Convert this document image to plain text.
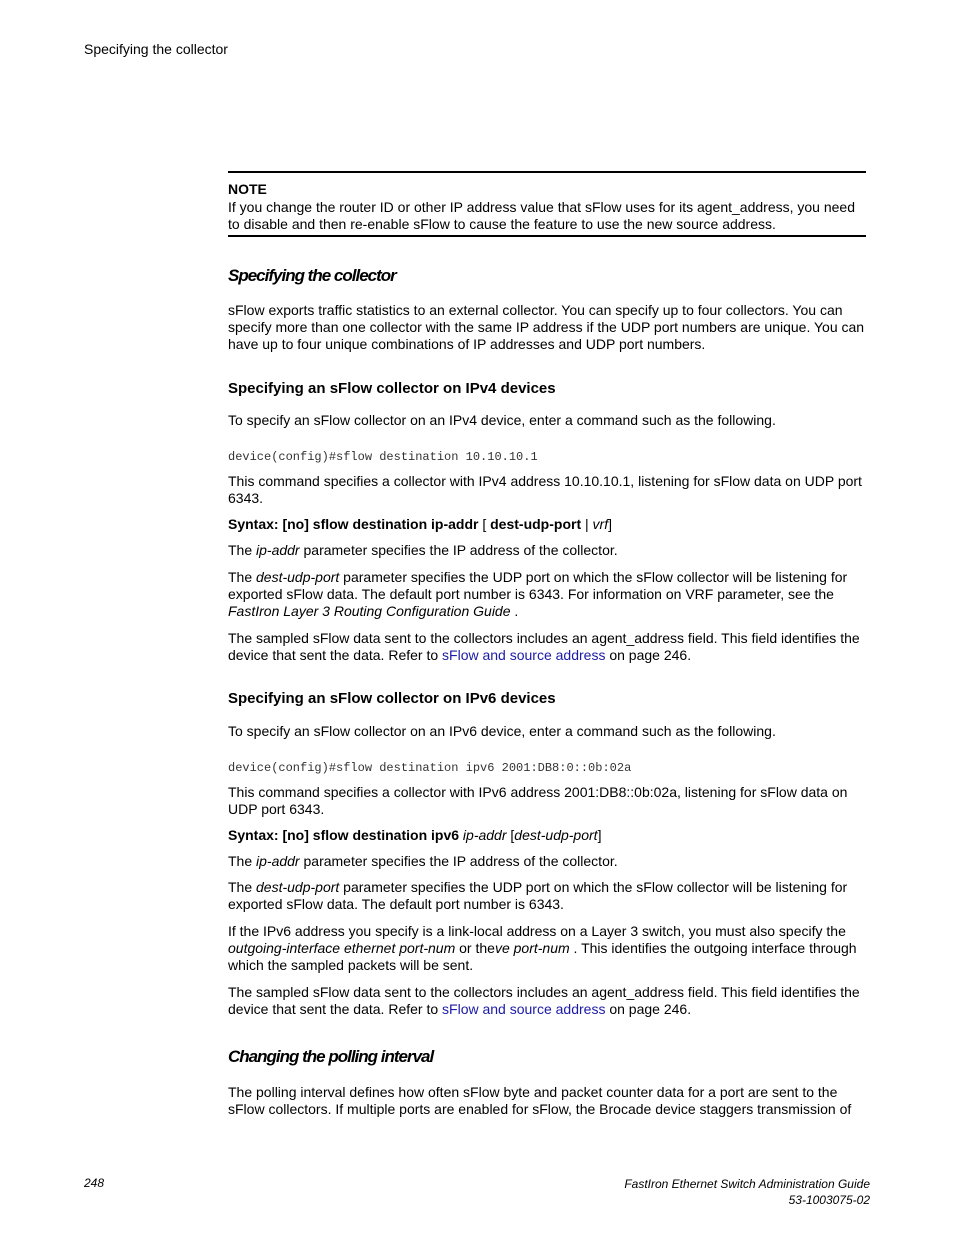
Specifying the collector
NOTE

If you change the router ID or other IP address value that sFlow uses for its agent_address, you need to disable and then re-enable sFlow to cause the feature to use the new source address.

Specifying the collector

sFlow exports traffic statistics to an external collector. You can specify up to four collectors. You can specify more than one collector with the same IP address if the UDP port numbers are unique. You can have up to four unique combinations of IP addresses and UDP port numbers.

Specifying an sFlow collector on IPv4 devices

To specify an sFlow collector on an IPv4 device, enter a command such as the following.

device(config)#sflow destination 10.10.10.1

This command specifies a collector with IPv4 address 10.10.10.1, listening for sFlow data on UDP port 6343.

Syntax: [no] sflow destination ip-addr [ dest-udp-port | vrf]

The ip-addr parameter specifies the IP address of the collector.

The dest-udp-port parameter specifies the UDP port on which the sFlow collector will be listening for exported sFlow data. The default port number is 6343. For information on VRF parameter, see the FastIron Layer 3 Routing Configuration Guide .

The sampled sFlow data sent to the collectors includes an agent_address field. This field identifies the device that sent the data. Refer to sFlow and source address on page 246.

Specifying an sFlow collector on IPv6 devices

To specify an sFlow collector on an IPv6 device, enter a command such as the following.

device(config)#sflow destination ipv6 2001:DB8:0::0b:02a

This command specifies a collector with IPv6 address 2001:DB8::0b:02a, listening for sFlow data on UDP port 6343.

Syntax: [no] sflow destination ipv6 ip-addr [dest-udp-port]

The ip-addr parameter specifies the IP address of the collector.

The dest-udp-port parameter specifies the UDP port on which the sFlow collector will be listening for exported sFlow data. The default port number is 6343.

If the IPv6 address you specify is a link-local address on a Layer 3 switch, you must also specify the outgoing-interface ethernet port-num or theve port-num . This identifies the outgoing interface through which the sampled packets will be sent.

The sampled sFlow data sent to the collectors includes an agent_address field. This field identifies the device that sent the data. Refer to sFlow and source address on page 246.

Changing the polling interval

The polling interval defines how often sFlow byte and packet counter data for a port are sent to the sFlow collectors. If multiple ports are enabled for sFlow, the Brocade device staggers transmission of

248	FastIron Ethernet Switch Administration Guide
53-1003075-02
